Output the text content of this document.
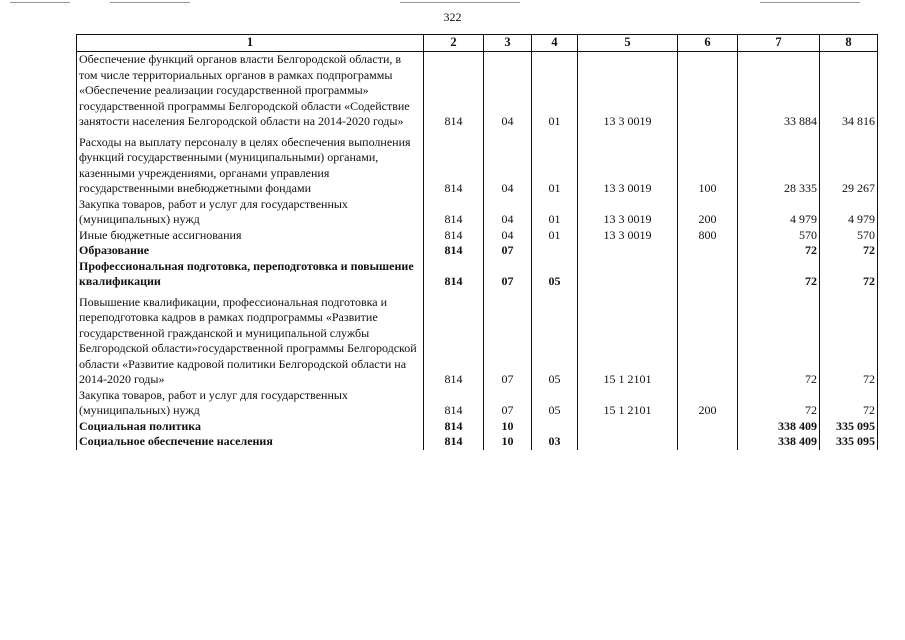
322
1	2	3	4	5	6	7	8
Обеспечение функций органов власти Белгородской области, в том числе территориальных органов в рамках подпрограммы «Обеспечение реализации государственной программы» государственной программы Белгородской области «Содействие занятости населения Белгородской области на 2014-2020 годы»	814	04	01	13 3 0019		33 884	34 816

Расходы на выплату персоналу в целях обеспечения выполнения функций государственными (муниципальными) органами, казенными учреждениями, органами управления государственными внебюджетными фондами	814	04	01	13 3 0019	100	28 335	29 267
Закупка товаров, работ и услуг для государственных (муниципальных) нужд	814	04	01	13 3 0019	200	4 979	4 979
Иные бюджетные ассигнования	814	04	01	13 3 0019	800	570	570
Образование	814	07				72	72
Профессиональная подготовка, переподготовка и повышение квалификации	814	07	05			72	72

Повышение квалификации, профессиональная подготовка и переподготовка кадров в рамках подпрограммы «Развитие государственной гражданской и муниципальной службы Белгородской области»государственной программы Белгородской области «Развитие кадровой политики Белгородской области на 2014-2020 годы»	814	07	05	15 1 2101		72	72
Закупка товаров, работ и услуг для государственных (муниципальных) нужд	814	07	05	15 1 2101	200	72	72
Социальная политика	814	10				338 409	335 095
Социальное обеспечение населения	814	10	03			338 409	335 095
